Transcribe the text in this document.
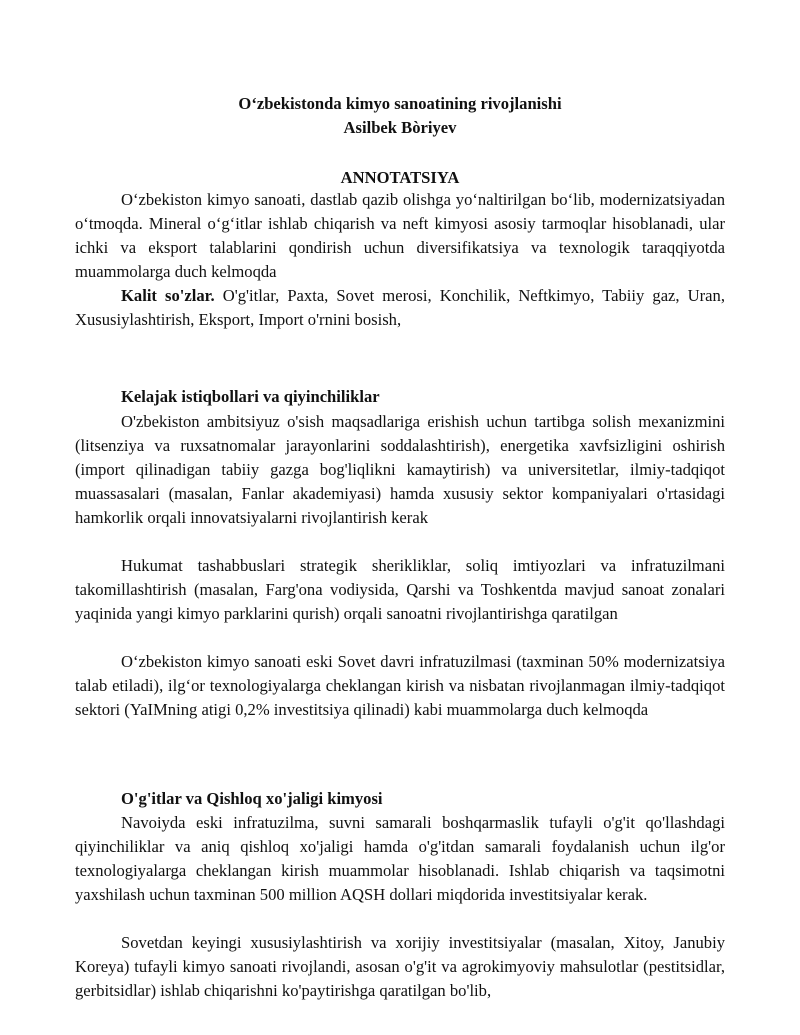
O‘zbekistonda kimyo sanoatining rivojlanishi

Asilbek Bòriyev

ANNOTATSIYA

O‘zbekiston kimyo sanoati, dastlab qazib olishga yo‘naltirilgan bo‘lib, modernizatsiyadan o‘tmoqda. Mineral o‘g‘itlar ishlab chiqarish va neft kimyosi asosiy tarmoqlar hisoblanadi, ular ichki va eksport talablarini qondirish uchun diversifikatsiya va texnologik taraqqiyotda muammolarga duch kelmoqda

Kalit so'zlar. O'g'itlar, Paxta, Sovet merosi, Konchilik, Neftkimyo, Tabiiy gaz, Uran, Xususiylashtirish, Eksport, Import o'rnini bosish,

Kelajak istiqbollari va qiyinchiliklar

O'zbekiston ambitsiyuz o'sish maqsadlariga erishish uchun tartibga solish mexanizmini (litsenziya va ruxsatnomalar jarayonlarini soddalashtirish), energetika xavfsizligini oshirish (import qilinadigan tabiiy gazga bog'liqlikni kamaytirish) va universitetlar, ilmiy-tadqiqot muassasalari (masalan, Fanlar akademiyasi) hamda xususiy sektor kompaniyalari o'rtasidagi hamkorlik orqali innovatsiyalarni rivojlantirish kerak

Hukumat tashabbuslari strategik sherikliklar, soliq imtiyozlari va infratuzilmani takomillashtirish (masalan, Farg'ona vodiysida, Qarshi va Toshkentda mavjud sanoat zonalari yaqinida yangi kimyo parklarini qurish) orqali sanoatni rivojlantirishga qaratilgan

O‘zbekiston kimyo sanoati eski Sovet davri infratuzilmasi (taxminan 50% modernizatsiya talab etiladi), ilg‘or texnologiyalarga cheklangan kirish va nisbatan rivojlanmagan ilmiy-tadqiqot sektori (YaIMning atigi 0,2% investitsiya qilinadi) kabi muammolarga duch kelmoqda

O'g'itlar va Qishloq xo'jaligi kimyosi

Navoiyda eski infratuzilma, suvni samarali boshqarmaslik tufayli o'g'it qo'llashdagi qiyinchiliklar va aniq qishloq xo'jaligi hamda o'g'itdan samarali foydalanish uchun ilg'or texnologiyalarga cheklangan kirish muammolar hisoblanadi. Ishlab chiqarish va taqsimotni yaxshilash uchun taxminan 500 million AQSH dollari miqdorida investitsiyalar kerak.

Sovetdan keyingi xususiylashtirish va xorijiy investitsiyalar (masalan, Xitoy, Janubiy Koreya) tufayli kimyo sanoati rivojlandi, asosan o'g'it va agrokimyoviy mahsulotlar (pestitsidlar, gerbitsidlar) ishlab chiqarishni ko'paytirishga qaratilgan bo'lib,
